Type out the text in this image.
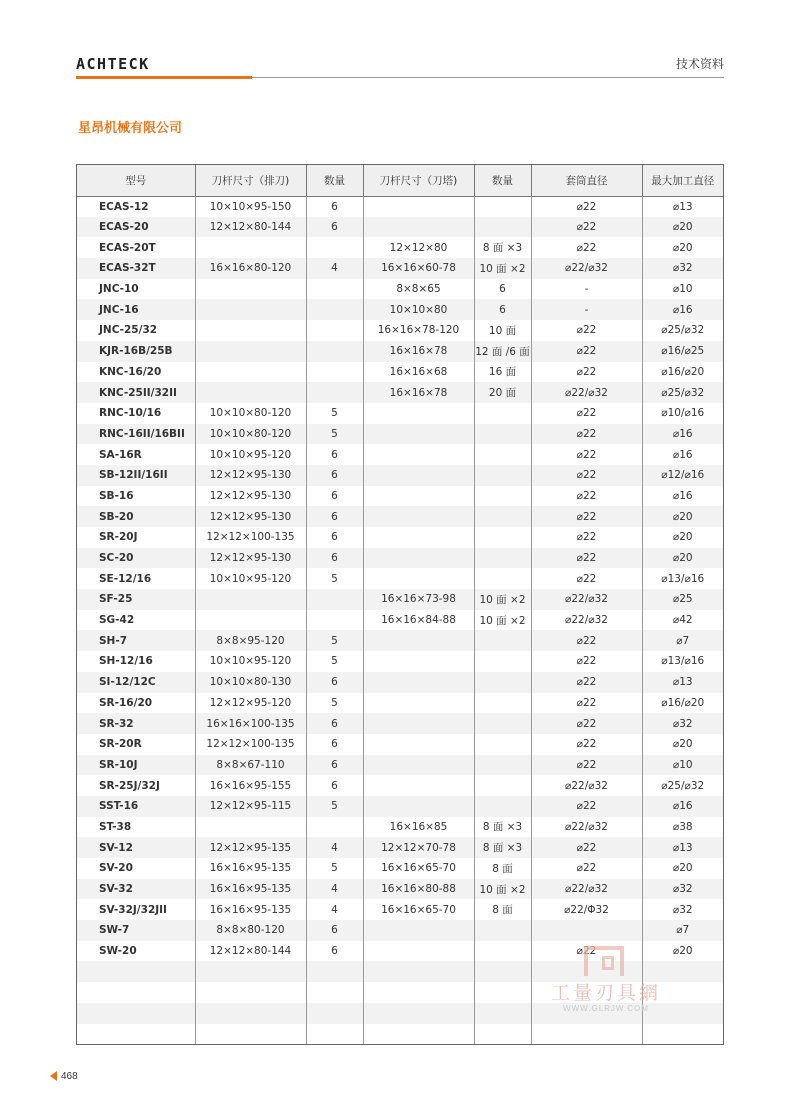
ACHTECK	技术资料
星昂机械有限公司
型号	刀杆尺寸（排刀)	数量	刀杆尺寸（刀塔)	数量	套筒直径	最大加工直径
ECAS-12	10×10×95-150	6			⌀22	⌀13
ECAS-20	12×12×80-144	6			⌀22	⌀20
ECAS-20T			12×12×80	8 面 ×3	⌀22	⌀20
ECAS-32T	16×16×80-120	4	16×16×60-78	10 面 ×2	⌀22/⌀32	⌀32
JNC-10			8×8×65	6	-	⌀10
JNC-16			10×10×80	6	-	⌀16
JNC-25/32			16×16×78-120	10 面	⌀22	⌀25/⌀32
KJR-16B/25B			16×16×78	12 面 /6 面	⌀22	⌀16/⌀25
KNC-16/20			16×16×68	16 面	⌀22	⌀16/⌀20
KNC-25II/32II			16×16×78	20 面	⌀22/⌀32	⌀25/⌀32
RNC-10/16	10×10×80-120	5			⌀22	⌀10/⌀16
RNC-16II/16BII	10×10×80-120	5			⌀22	⌀16
SA-16R	10×10×95-120	6			⌀22	⌀16
SB-12II/16II	12×12×95-130	6			⌀22	⌀12/⌀16
SB-16	12×12×95-130	6			⌀22	⌀16
SB-20	12×12×95-130	6			⌀22	⌀20
SR-20J	12×12×100-135	6			⌀22	⌀20
SC-20	12×12×95-130	6			⌀22	⌀20
SE-12/16	10×10×95-120	5			⌀22	⌀13/⌀16
SF-25			16×16×73-98	10 面 ×2	⌀22/⌀32	⌀25
SG-42			16×16×84-88	10 面 ×2	⌀22/⌀32	⌀42
SH-7	8×8×95-120	5			⌀22	⌀7
SH-12/16	10×10×95-120	5			⌀22	⌀13/⌀16
SI-12/12C	10×10×80-130	6			⌀22	⌀13
SR-16/20	12×12×95-120	5			⌀22	⌀16/⌀20
SR-32	16×16×100-135	6			⌀22	⌀32
SR-20R	12×12×100-135	6			⌀22	⌀20
SR-10J	8×8×67-110	6			⌀22	⌀10
SR-25J/32J	16×16×95-155	6			⌀22/⌀32	⌀25/⌀32
SST-16	12×12×95-115	5			⌀22	⌀16
ST-38			16×16×85	8 面 ×3	⌀22/⌀32	⌀38
SV-12	12×12×95-135	4	12×12×70-78	8 面 ×3	⌀22	⌀13
SV-20	16×16×95-135	5	16×16×65-70	8 面	⌀22	⌀20
SV-32	16×16×95-135	4	16×16×80-88	10 面 ×2	⌀22/⌀32	⌀32
SV-32J/32JII	16×16×95-135	4	16×16×65-70	8 面	⌀22/Φ32	⌀32
SW-7	8×8×80-120	6				⌀7
SW-20	12×12×80-144	6			⌀22	⌀20

工量刃具網
WWW.GLRJW.COM
468
